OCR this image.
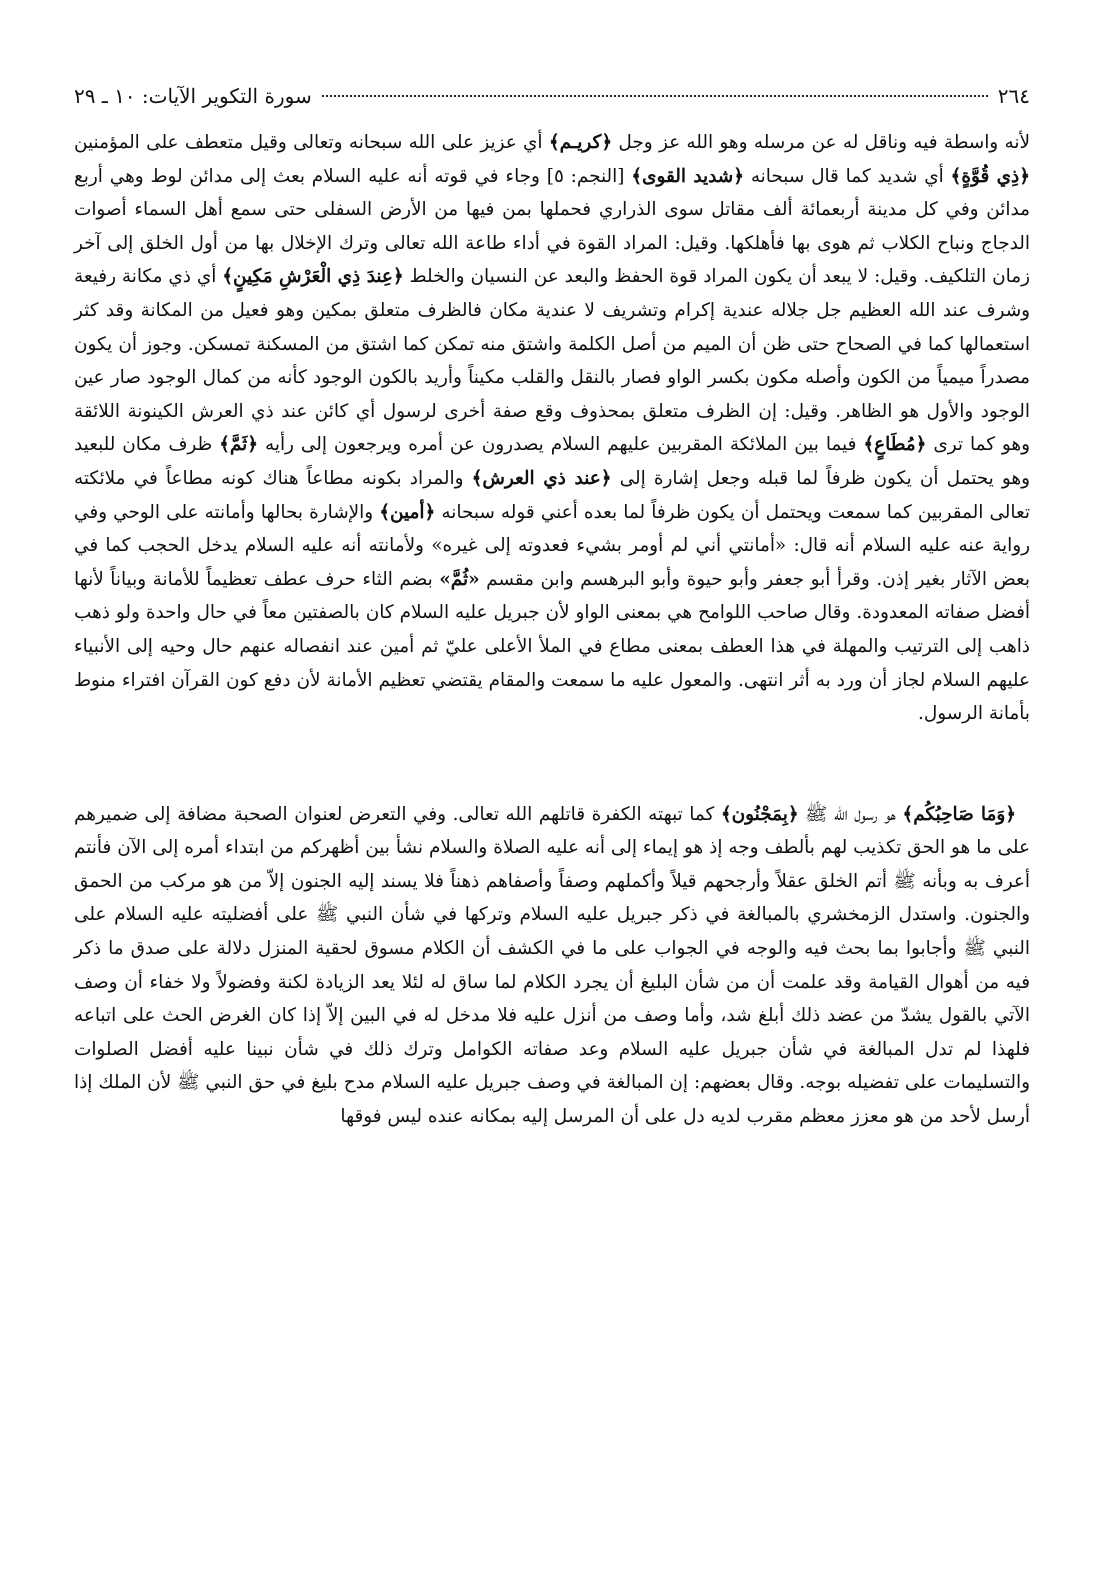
٢٦٤
سورة التكوير الآيات: ١٠ ـ ٢٩

لأنه واسطة فيه وناقل له عن مرسله وهو الله عز وجل ﴿كريـم﴾ أي عزيز على الله سبحانه وتعالى وقيل متعطف على المؤمنين ﴿ذِي قُوَّةٍ﴾ أي شديد كما قال سبحانه ﴿شديد القوى﴾ [النجم: ٥] وجاء في قوته أنه عليه السلام بعث إلى مدائن لوط وهي أربع مدائن وفي كل مدينة أربعمائة ألف مقاتل سوى الذراري فحملها بمن فيها من الأرض السفلى حتى سمع أهل السماء أصوات الدجاج ونباح الكلاب ثم هوى بها فأهلكها. وقيل: المراد القوة في أداء طاعة الله تعالى وترك الإخلال بها من أول الخلق إلى آخر زمان التلكيف. وقيل: لا يبعد أن يكون المراد قوة الحفظ والبعد عن النسيان والخلط ﴿عِندَ ذِي الْعَرْشِ مَكِينٍ﴾ أي ذي مكانة رفيعة وشرف عند الله العظيم جل جلاله عندية إكرام وتشريف لا عندية مكان فالظرف متعلق بمكين وهو فعيل من المكانة وقد كثر استعمالها كما في الصحاح حتى ظن أن الميم من أصل الكلمة واشتق منه تمكن كما اشتق من المسكنة تمسكن. وجوز أن يكون مصدراً ميمياً من الكون وأصله مكون بكسر الواو فصار بالنقل والقلب مكيناً وأريد بالكون الوجود كأنه من كمال الوجود صار عين الوجود والأول هو الظاهر. وقيل: إن الظرف متعلق بمحذوف وقع صفة أخرى لرسول أي كائن عند ذي العرش الكينونة اللائقة وهو كما ترى ﴿مُطَاعٍ﴾ فيما بين الملائكة المقربين عليهم السلام يصدرون عن أمره ويرجعون إلى رأيه ﴿ثَمَّ﴾ ظرف مكان للبعيد وهو يحتمل أن يكون ظرفاً لما قبله وجعل إشارة إلى ﴿عند ذي العرش﴾ والمراد بكونه مطاعاً هناك كونه مطاعاً في ملائكته تعالى المقربين كما سمعت ويحتمل أن يكون ظرفاً لما بعده أعني قوله سبحانه ﴿أمين﴾ والإشارة بحالها وأمانته على الوحي وفي رواية عنه عليه السلام أنه قال: «أمانتي أني لم أومر بشيء فعدوته إلى غيره» ولأمانته أنه عليه السلام يدخل الحجب كما في بعض الآثار بغير إذن. وقرأ أبو جعفر وأبو حيوة وأبو البرهسم وابن مقسم «ثُمَّ» بضم الثاء حرف عطف تعظيماً للأمانة وبياناً لأنها أفضل صفاته المعدودة. وقال صاحب اللوامح هي بمعنى الواو لأن جبريل عليه السلام كان بالصفتين معاً في حال واحدة ولو ذهب ذاهب إلى الترتيب والمهلة في هذا العطف بمعنى مطاع في الملأ الأعلى عليّ ثم أمين عند انفصاله عنهم حال وحيه إلى الأنبياء عليهم السلام لجاز أن ورد به أثر انتهى. والمعول عليه ما سمعت والمقام يقتضي تعظيم الأمانة لأن دفع كون القرآن افتراء منوط بأمانة الرسول.

﴿وَمَا صَاحِبُكُم﴾ هو رسول الله ﷺ ﴿بِمَجْنُون﴾ كما تبهته الكفرة قاتلهم الله تعالى. وفي التعرض لعنوان الصحبة مضافة إلى ضميرهم على ما هو الحق تكذيب لهم بألطف وجه إذ هو إيماء إلى أنه عليه الصلاة والسلام نشأ بين أظهركم من ابتداء أمره إلى الآن فأنتم أعرف به وبأنه ﷺ أتم الخلق عقلاً وأرجحهم قيلاً وأكملهم وصفاً وأصفاهم ذهناً فلا يسند إليه الجنون إلاّ من هو مركب من الحمق والجنون. واستدل الزمخشري بالمبالغة في ذكر جبريل عليه السلام وتركها في شأن النبي ﷺ على أفضليته عليه السلام على النبي ﷺ وأجابوا بما بحث فيه والوجه في الجواب على ما في الكشف أن الكلام مسوق لحقية المنزل دلالة على صدق ما ذكر فيه من أهوال القيامة وقد علمت أن من شأن البليغ أن يجرد الكلام لما ساق له لئلا يعد الزيادة لكنة وفضولاً ولا خفاء أن وصف الآتي بالقول يشدّ من عضد ذلك أبلغ شد، وأما وصف من أنزل عليه فلا مدخل له في البين إلاّ إذا كان الغرض الحث على اتباعه فلهذا لم تدل المبالغة في شأن جبريل عليه السلام وعد صفاته الكوامل وترك ذلك في شأن نبينا عليه أفضل الصلوات والتسليمات على تفضيله بوجه. وقال بعضهم: إن المبالغة في وصف جبريل عليه السلام مدح بليغ في حق النبي ﷺ لأن الملك إذا أرسل لأحد من هو معزز معظم مقرب لديه دل على أن المرسل إليه بمكانه عنده ليس فوقها
